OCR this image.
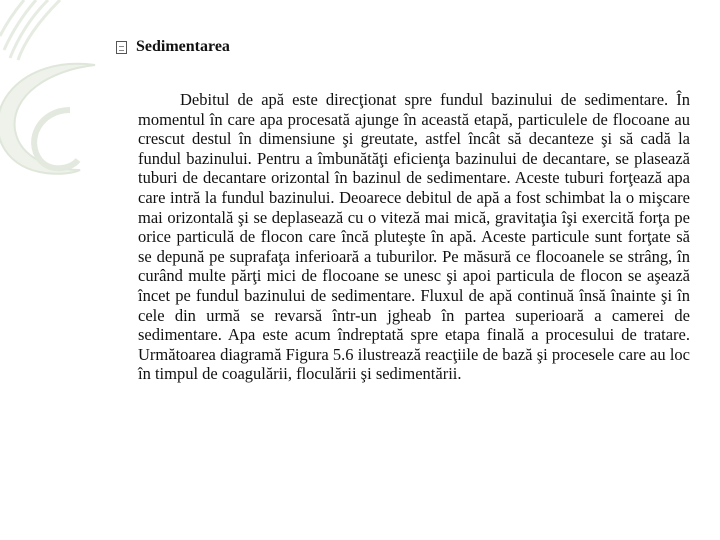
Sedimentarea

Debitul de apă este direcţionat spre fundul bazinului de sedimentare. În momentul în care apa procesată ajunge în această etapă, particulele de flocoane au crescut destul în dimensiune şi greutate, astfel încât să decanteze şi să cadă la fundul bazinului. Pentru a îmbunătăţi eficienţa bazinului de decantare, se plasează tuburi de decantare orizontal în bazinul de sedimentare. Aceste tuburi forţează apa care intră la fundul bazinului. Deoarece debitul de apă a fost schimbat la o mişcare mai orizontală şi se deplasează cu o viteză mai mică, gravitaţia îşi exercită forţa pe orice particulă de flocon care încă pluteşte în apă. Aceste particule sunt forţate să se depună pe suprafaţa inferioară a tuburilor. Pe măsură ce flocoanele se strâng, în curând multe părţi mici de flocoane se unesc şi apoi particula de flocon se aşează încet pe fundul bazinului de sedimentare. Fluxul de apă continuă însă înainte şi în cele din urmă se revarsă într-un jgheab în partea superioară a camerei de sedimentare. Apa este acum îndreptată spre etapa finală a procesului de tratare. Următoarea diagramă Figura 5.6 ilustrează reacţiile de bază şi procesele care au loc în timpul de coagulării, floculării şi sedimentării.
